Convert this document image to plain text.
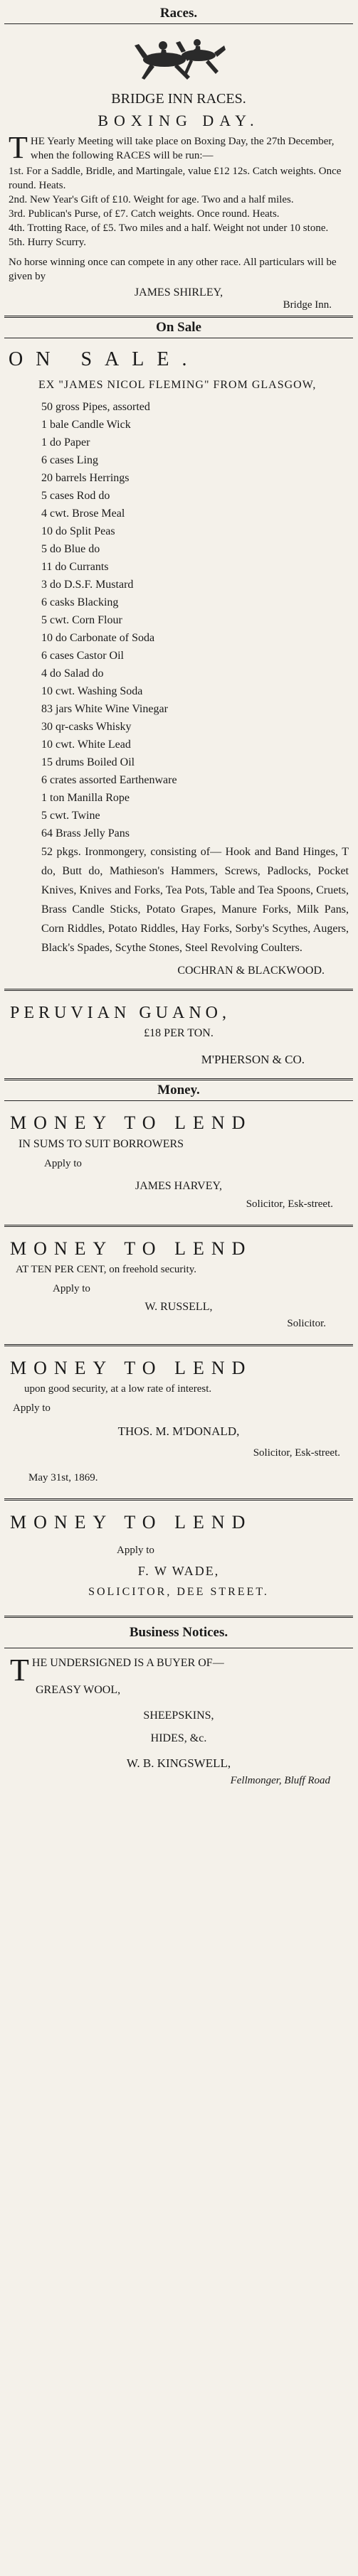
Races.
BRIDGE INN RACES.
BOXING DAY.
T HE Yearly Meeting will take place on Boxing Day, the 27th December, when the following RACES will be run:—
1st. For a Saddle, Bridle, and Martingale, value £12 12s. Catch weights. Once round. Heats.
2nd. New Year's Gift of £10. Weight for age. Two and a half miles.
3rd. Publican's Purse, of £7. Catch weights. Once round. Heats.
4th. Trotting Race, of £5. Two miles and a half. Weight not under 10 stone.
5th. Hurry Scurry.
No horse winning once can compete in any other race. All particulars will be given by
JAMES SHIRLEY,
Bridge Inn.
On Sale
ON SALE.
EX "JAMES NICOL FLEMING" FROM GLASGOW,
50 gross Pipes, assorted
1 bale Candle Wick
1 do Paper
6 cases Ling
20 barrels Herrings
5 cases Rod do
4 cwt. Brose Meal
10 do Split Peas
5 do Blue do
11 do Currants
3 do D.S.F. Mustard
6 casks Blacking
5 cwt. Corn Flour
10 do Carbonate of Soda
6 cases Castor Oil
4 do Salad do
10 cwt. Washing Soda
83 jars White Wine Vinegar
30 qr-casks Whisky
10 cwt. White Lead
15 drums Boiled Oil
6 crates assorted Earthenware
1 ton Manilla Rope
5 cwt. Twine
64 Brass Jelly Pans
52 pkgs. Ironmongery, consisting of— Hook and Band Hinges, T do, Butt do, Mathieson's Hammers, Screws, Padlocks, Pocket Knives, Knives and Forks, Tea Pots, Table and Tea Spoons, Cruets, Brass Candle Sticks, Potato Grapes, Manure Forks, Milk Pans, Corn Riddles, Potato Riddles, Hay Forks, Sorby's Scythes, Augers, Black's Spades, Scythe Stones, Steel Revolving Coulters.
COCHRAN & BLACKWOOD.
PERUVIAN GUANO,
£18 PER TON.
M'PHERSON & CO.
Money.
MONEY TO LEND
IN SUMS TO SUIT BORROWERS
Apply to
JAMES HARVEY,
Solicitor, Esk-street.
MONEY TO LEND
AT TEN PER CENT, on freehold security.
Apply to
W. RUSSELL,
Solicitor.
MONEY TO LEND
upon good security, at a low rate of interest.
Apply to
THOS. M. M'DONALD,
Solicitor, Esk-street.
May 31st, 1869.
MONEY TO LEND
Apply to
F. W WADE,
SOLICITOR, DEE STREET.
Business Notices.
T HE UNDERSIGNED IS A BUYER OF—
GREASY WOOL,
SHEEPSKINS,
HIDES, &c.
W. B. KINGSWELL,
Fellmonger, Bluff Road
